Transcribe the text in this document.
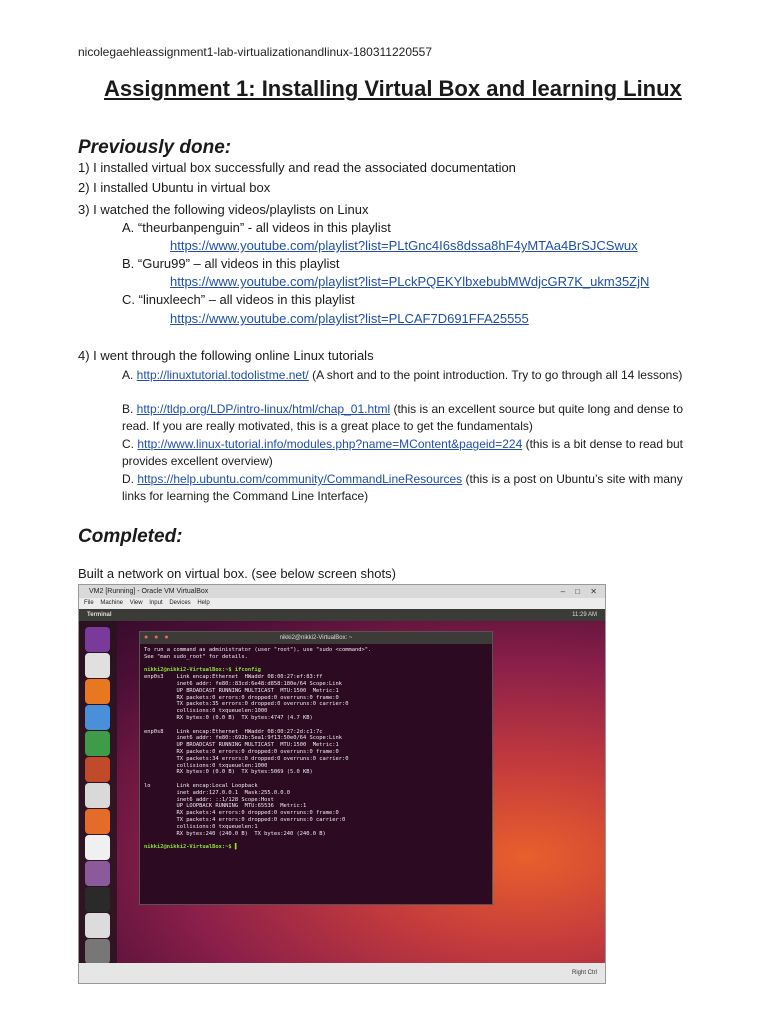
nicolegaehleassignment1-lab-virtualizationandlinux-180311220557
Assignment 1: Installing Virtual Box and learning Linux
Previously done:
1) I installed virtual box successfully and read the associated documentation
2) I installed Ubuntu in virtual box
3) I watched the following videos/playlists on Linux
A. “theurbanpenguin” - all videos in this playlist
https://www.youtube.com/playlist?list=PLtGnc4I6s8dssa8hF4yMTAa4BrSJCSwux
B. “Guru99” – all videos in this playlist
https://www.youtube.com/playlist?list=PLckPQEKYlbxebubMWdjcGR7K_ukm35ZjN
C. “linuxleech” – all videos in this playlist
https://www.youtube.com/playlist?list=PLCAF7D691FFA25555
4) I went through the following online Linux tutorials
A. http://linuxtutorial.todolistme.net/ (A short and to the point introduction. Try to go through all 14 lessons)
B. http://tldp.org/LDP/intro-linux/html/chap_01.html (this is an excellent source but quite long and dense to read. If you are really motivated, this is a great place to get the fundamentals)
C. http://www.linux-tutorial.info/modules.php?name=MContent&pageid=224 (this is a bit dense to read but provides excellent overview)
D. https://help.ubuntu.com/community/CommandLineResources (this is a post on Ubuntu’s site with many links for learning the Command Line Interface)
Completed:
Built a network on virtual box. (see below screen shots)
VM2 [Running] - Oracle VM VirtualBox	– □ ✕
File Machine View Input Devices Help
Terminal	11:29 AM
● ● ●	nikki2@nikki2-VirtualBox: ~
To run a command as administrator (user "root"), use "sudo <command>".
See "man sudo_root" for details.

nikki2@nikki2-VirtualBox:~$ ifconfig
enp0s3    Link encap:Ethernet  HWaddr 08:00:27:ef:83:ff
inet6 addr: fe80::83cd:6e48:d858:180e/64 Scope:Link
UP BROADCAST RUNNING MULTICAST  MTU:1500  Metric:1
RX packets:0 errors:0 dropped:0 overruns:0 frame:0
TX packets:35 errors:0 dropped:0 overruns:0 carrier:0
collisions:0 txqueuelen:1000
RX bytes:0 (0.0 B)  TX bytes:4747 (4.7 KB)

enp0s8    Link encap:Ethernet  HWaddr 08:00:27:2d:c1:7c
inet6 addr: fe80::692b:5ea1:9f13:50e0/64 Scope:Link
UP BROADCAST RUNNING MULTICAST  MTU:1500  Metric:1
RX packets:0 errors:0 dropped:0 overruns:0 frame:0
TX packets:34 errors:0 dropped:0 overruns:0 carrier:0
collisions:0 txqueuelen:1000
RX bytes:0 (0.0 B)  TX bytes:5069 (5.0 KB)

lo        Link encap:Local Loopback
inet addr:127.0.0.1  Mask:255.0.0.0
inet6 addr: ::1/128 Scope:Host
UP LOOPBACK RUNNING  MTU:65536  Metric:1
RX packets:4 errors:0 dropped:0 overruns:0 frame:0
TX packets:4 errors:0 dropped:0 overruns:0 carrier:0
collisions:0 txqueuelen:1
RX bytes:240 (240.0 B)  TX bytes:240 (240.0 B)

nikki2@nikki2-VirtualBox:~$ ▌
Right Ctrl
